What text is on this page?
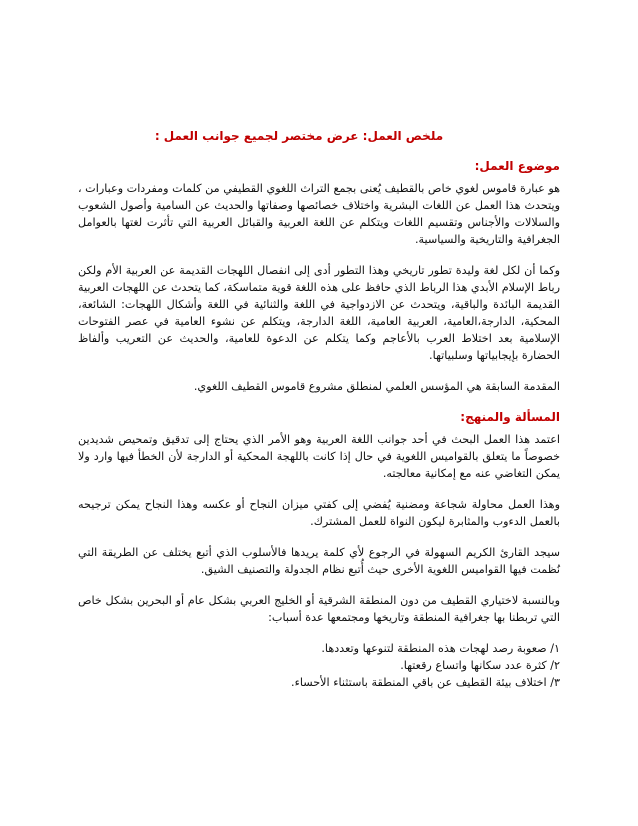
ملخص العمل: عرض مختصر لجميع جوانب العمل :
موضوع العمل:

هو عبارة قاموس لغوي خاص بالقطيف يُعنى بجمع التراث اللغوي القطيفي من كلمات ومفردات وعبارات ، ويتحدث هذا العمل عن اللغات البشرية واختلاف خصائصها وصفاتها والحديث عن السامية وأصول الشعوب والسلالات والأجناس وتقسيم اللغات ويتكلم عن اللغة العربية والقبائل العربية التي تأثرت لغتها بالعوامل الجغرافية والتاريخية والسياسية.

وكما أن لكل لغة وليدة تطور تاريخي وهذا التطور أدى إلى انفصال اللهجات القديمة عن العربية الأم ولكن رباط الإسلام الأبدي هذا الرباط الذي حافظ على هذه اللغة قوية متماسكة، كما يتحدث عن اللهجات العربية القديمة البائدة والباقية، ويتحدث عن الازدواجية في اللغة والثنائية في اللغة وأشكال اللهجات: الشائعة، المحكية، الدارجة،العامية، العربية العامية، اللغة الدارجة، ويتكلم عن نشوء العامية في عصر الفتوحات الإسلامية بعد اختلاط العرب بالأعاجم وكما يتكلم عن الدعوة للعامية، والحديث عن التعريب وألفاظ الحضارة بإيجابياتها وسلبياتها.

المقدمة السابقة هي المؤسس العلمي لمنطلق مشروع قاموس القطيف اللغوي.

المسألة والمنهج:

اعتمد هذا العمل البحث في أحد جوانب اللغة العربية وهو الأمر الذي يحتاج إلى تدقيق وتمحيص شديدين خصوصاً ما يتعلق بالقواميس اللغوية في حال إذا كانت باللهجة المحكية أو الدارجة لأن الخطأ فيها وارد ولا يمكن التغاضي عنه مع إمكانية معالجته.

وهذا العمل محاولة شجاعة ومضنية يُفضي إلى كفتي ميزان النجاح أو عكسه وهذا النجاح يمكن ترجيحه بالعمل الدءوب والمثابرة ليكون النواة للعمل المشترك.

سيجد القارئ الكريم السهولة في الرجوع لأي كلمة يريدها فالأسلوب الذي أتبع يختلف عن الطريقة التي نُظمت فيها القواميس اللغوية الأخرى حيث أُتبع نظام الجدولة والتصنيف الشيق.

وبالنسبة لاختياري القطيف من دون المنطقة الشرقية أو الخليج العربي بشكل عام أو البحرين بشكل خاص التي تربطنا بها جغرافية المنطقة وتاريخها ومجتمعها عدة أسباب:

١/ صعوبة رصد لهجات هذه المنطقة لتنوعها وتعددها.
٢/ كثرة عدد سكانها واتساع رقعتها.
٣/ اختلاف بيئة القطيف عن باقي المنطقة باستثناء الأحساء.
